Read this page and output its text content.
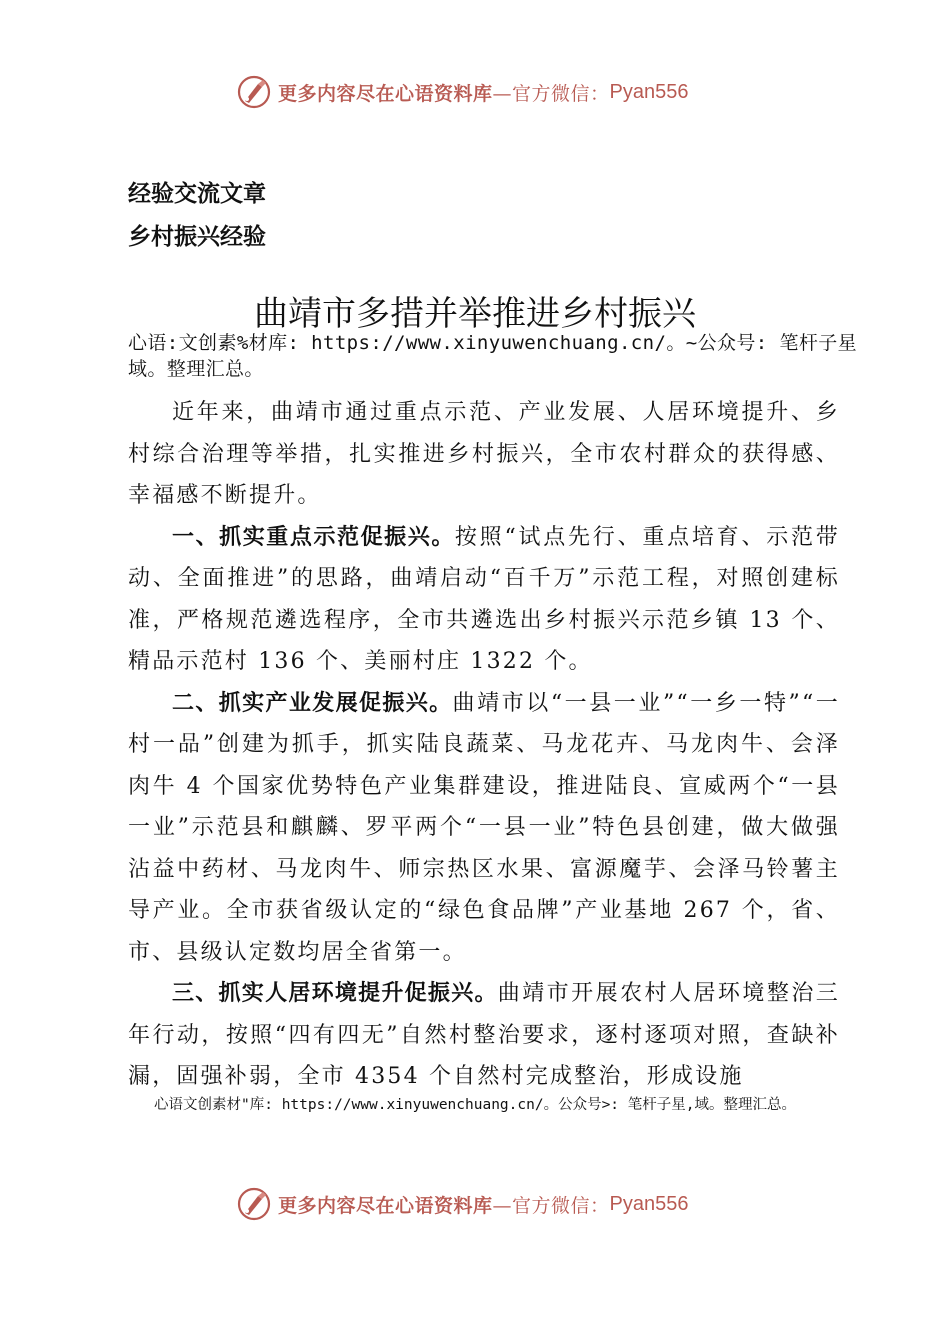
更多内容尽在心语资料库—官方微信： Pyan556
经验交流文章
乡村振兴经验
曲靖市多措并举推进乡村振兴
心语:文创素%材库: https://www.xinyuwenchuang.cn/。~公众号: 笔杆子星域。整理汇总。

近年来，曲靖市通过重点示范、产业发展、人居环境提升、乡村综合治理等举措，扎实推进乡村振兴，全市农村群众的获得感、幸福感不断提升。

一、抓实重点示范促振兴。按照“试点先行、重点培育、示范带动、全面推进”的思路，曲靖启动“百千万”示范工程，对照创建标准，严格规范遴选程序，全市共遴选出乡村振兴示范乡镇 13 个、精品示范村 136 个、美丽村庄 1322 个。

二、抓实产业发展促振兴。曲靖市以“一县一业”“一乡一特”“一村一品”创建为抓手，抓实陆良蔬菜、马龙花卉、马龙肉牛、会泽肉牛 4 个国家优势特色产业集群建设，推进陆良、宣威两个“一县一业”示范县和麒麟、罗平两个“一县一业”特色县创建，做大做强沾益中药材、马龙肉牛、师宗热区水果、富源魔芋、会泽马铃薯主导产业。全市获省级认定的“绿色食品牌”产业基地 267 个，省、市、县级认定数均居全省第一。

三、抓实人居环境提升促振兴。曲靖市开展农村人居环境整治三年行动，按照“四有四无”自然村整治要求，逐村逐项对照，查缺补漏，固强补弱，全市 4354 个自然村完成整治，形成设施

心语文创素材"库: https://www.xinyuwenchuang.cn/。公众号>: 笔杆子星,域。整理汇总。
更多内容尽在心语资料库—官方微信： Pyan556
